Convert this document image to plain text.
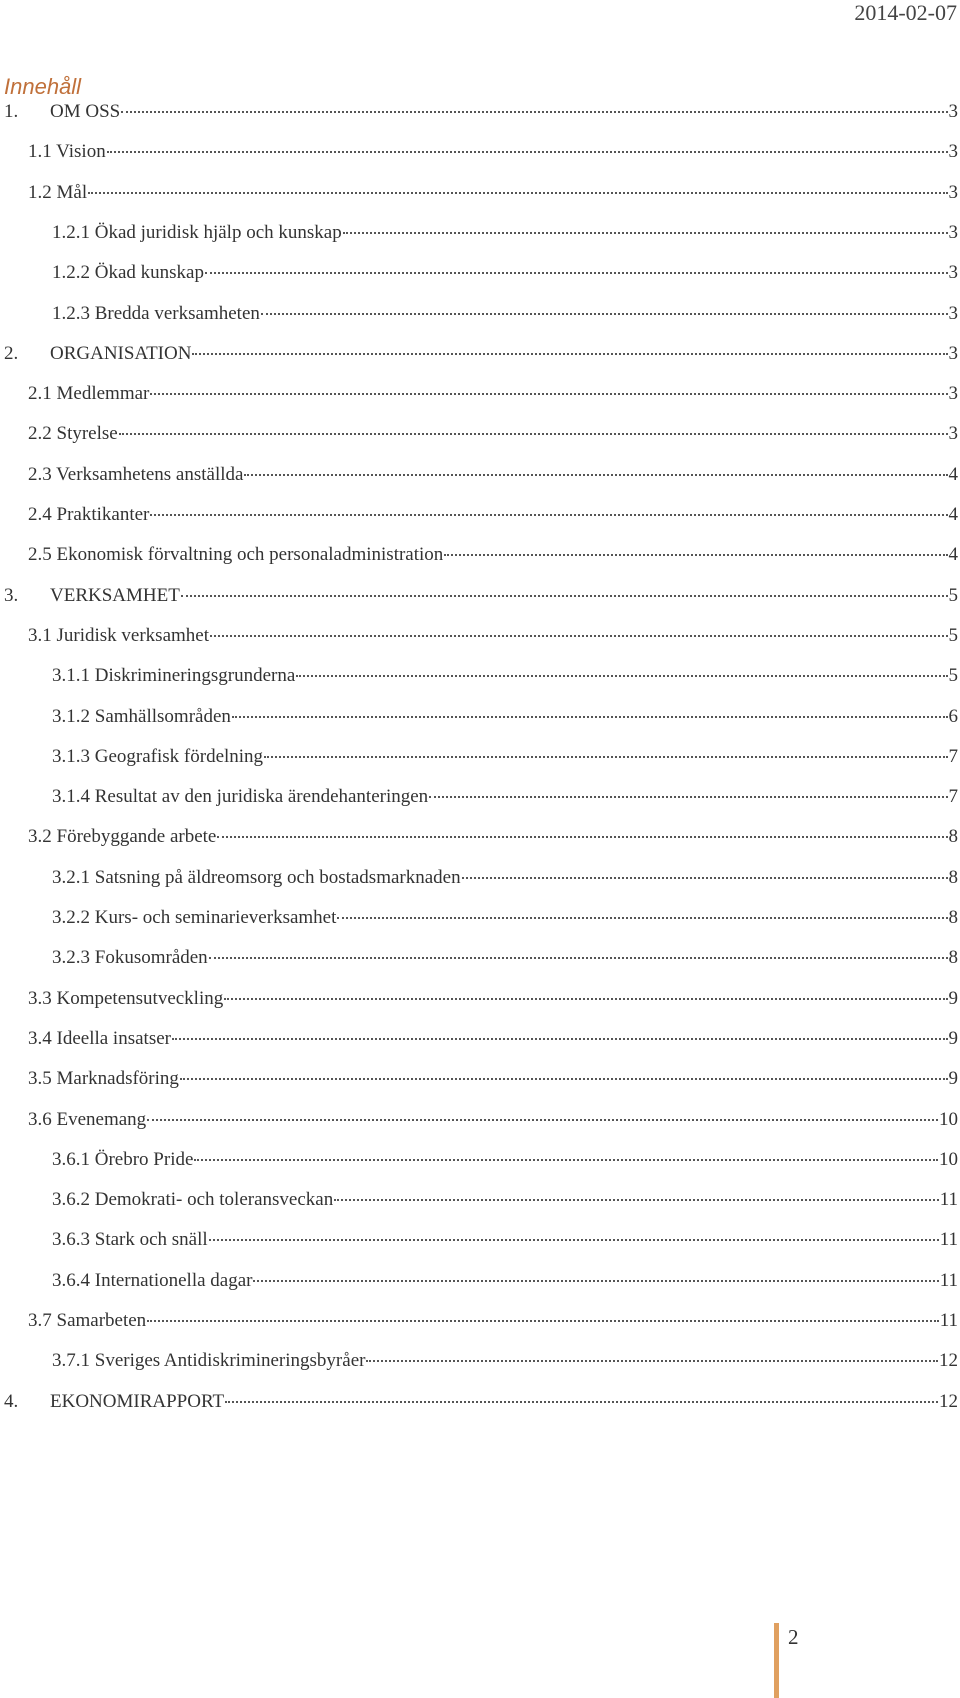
2014-02-07
Innehåll
1.	OM OSS	3
1.1 Vision	3
1.2 Mål	3
1.2.1 Ökad juridisk hjälp och kunskap	3
1.2.2 Ökad kunskap	3
1.2.3 Bredda verksamheten	3
2.	ORGANISATION	3
2.1 Medlemmar	3
2.2 Styrelse	3
2.3 Verksamhetens anställda	4
2.4 Praktikanter	4
2.5 Ekonomisk förvaltning och personaladministration	4
3.	VERKSAMHET	5
3.1 Juridisk verksamhet	5
3.1.1 Diskrimineringsgrunderna	5
3.1.2 Samhällsområden	6
3.1.3 Geografisk fördelning	7
3.1.4 Resultat av den juridiska ärendehanteringen	7
3.2 Förebyggande arbete	8
3.2.1 Satsning på äldreomsorg och bostadsmarknaden	8
3.2.2 Kurs- och seminarieverksamhet	8
3.2.3 Fokusområden	8
3.3 Kompetensutveckling	9
3.4 Ideella insatser	9
3.5 Marknadsföring	9
3.6 Evenemang	10
3.6.1 Örebro Pride	10
3.6.2 Demokrati- och toleransveckan	11
3.6.3 Stark och snäll	11
3.6.4 Internationella dagar	11
3.7 Samarbeten	11
3.7.1 Sveriges Antidiskrimineringsbyråer	12
4.	EKONOMIRAPPORT	12
2
